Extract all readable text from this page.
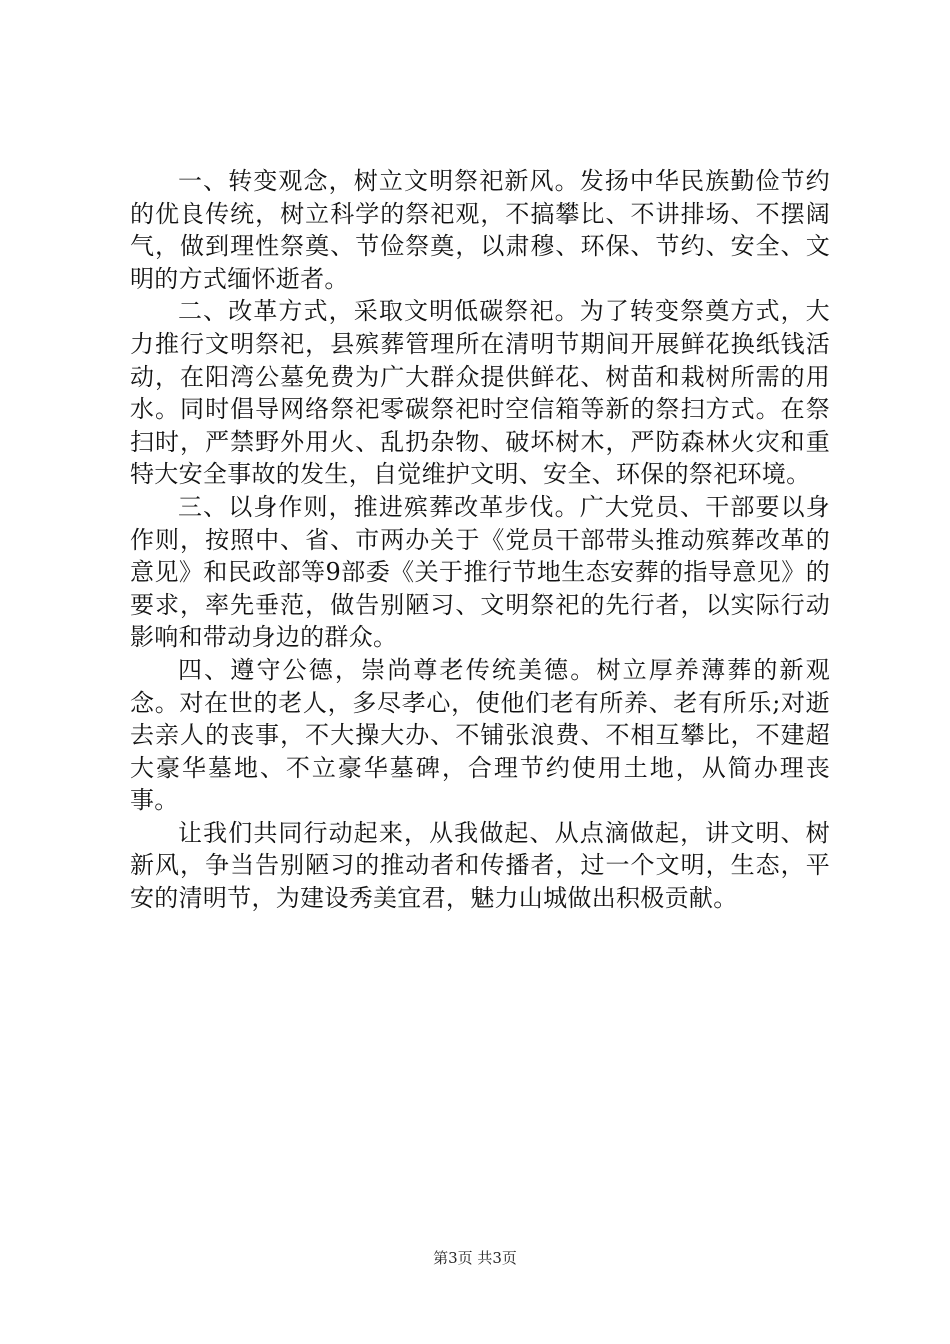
一、转变观念，树立文明祭祀新风。发扬中华民族勤俭节约的优良传统，树立科学的祭祀观，不搞攀比、不讲排场、不摆阔气，做到理性祭奠、节俭祭奠，以肃穆、环保、节约、安全、文明的方式缅怀逝者。

二、改革方式，采取文明低碳祭祀。为了转变祭奠方式，大力推行文明祭祀，县殡葬管理所在清明节期间开展鲜花换纸钱活动，在阳湾公墓免费为广大群众提供鲜花、树苗和栽树所需的用水。同时倡导网络祭祀零碳祭祀时空信箱等新的祭扫方式。在祭扫时，严禁野外用火、乱扔杂物、破坏树木，严防森林火灾和重特大安全事故的发生，自觉维护文明、安全、环保的祭祀环境。

三、以身作则，推进殡葬改革步伐。广大党员、干部要以身作则，按照中、省、市两办关于《党员干部带头推动殡葬改革的意见》和民政部等9部委《关于推行节地生态安葬的指导意见》的要求，率先垂范，做告别陋习、文明祭祀的先行者，以实际行动影响和带动身边的群众。

四、遵守公德，崇尚尊老传统美德。树立厚养薄葬的新观念。对在世的老人，多尽孝心，使他们老有所养、老有所乐;对逝去亲人的丧事，不大操大办、不铺张浪费、不相互攀比，不建超大豪华墓地、不立豪华墓碑，合理节约使用土地，从简办理丧事。

让我们共同行动起来，从我做起、从点滴做起，讲文明、树新风，争当告别陋习的推动者和传播者，过一个文明，生态，平安的清明节，为建设秀美宜君，魅力山城做出积极贡献。

第3页 共3页
